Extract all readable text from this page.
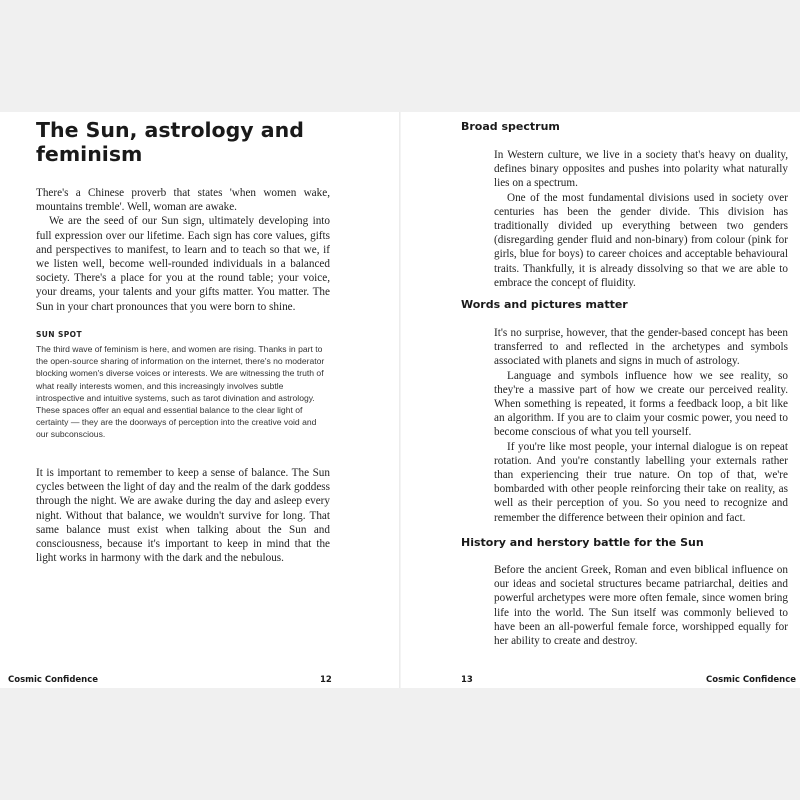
The Sun, astrology and feminism

There's a Chinese proverb that states 'when women wake, mountains tremble'. Well, woman are awake.

We are the seed of our Sun sign, ultimately developing into full expression over our lifetime. Each sign has core values, gifts and perspectives to manifest, to learn and to teach so that we, if we listen well, become well-rounded individuals in a balanced society. There's a place for you at the round table; your voice, your dreams, your talents and your gifts matter. You matter. The Sun in your chart pronounces that you were born to shine.

SUN SPOT

The third wave of feminism is here, and women are rising. Thanks in part to the open-source sharing of information on the internet, there's no moderator blocking women's diverse voices or interests. We are witnessing the truth of what really interests women, and this increasingly involves subtle introspective and intuitive systems, such as tarot divination and astrology. These spaces offer an equal and essential balance to the clear light of certainty — they are the doorways of perception into the creative void and our subconscious.

It is important to remember to keep a sense of balance. The Sun cycles between the light of day and the realm of the dark goddess through the night. We are awake during the day and asleep every night. Without that balance, we wouldn't survive for long. That same balance must exist when talking about the Sun and consciousness, because it's important to keep in mind that the light works in harmony with the dark and the nebulous.

Cosmic Confidence	12
Broad spectrum

In Western culture, we live in a society that's heavy on duality, defines binary opposites and pushes into polarity what naturally lies on a spectrum.

One of the most fundamental divisions used in society over centuries has been the gender divide. This division has traditionally divided up everything between two genders (disregarding gender fluid and non-binary) from colour (pink for girls, blue for boys) to career choices and acceptable behavioural traits. Thankfully, it is already dissolving so that we are able to embrace the concept of fluidity.

Words and pictures matter

It's no surprise, however, that the gender-based concept has been transferred to and reflected in the archetypes and symbols associated with planets and signs in much of astrology.

Language and symbols influence how we see reality, so they're a massive part of how we create our perceived reality. When something is repeated, it forms a feedback loop, a bit like an algorithm. If you are to claim your cosmic power, you need to become conscious of what you tell yourself.

If you're like most people, your internal dialogue is on repeat rotation. And you're constantly labelling your externals rather than experiencing their true nature. On top of that, we're bombarded with other people reinforcing their take on reality, as well as their perception of you. So you need to recognize and remember the difference between their opinion and fact.

History and herstory battle for the Sun

Before the ancient Greek, Roman and even biblical influence on our ideas and societal structures became patriarchal, deities and powerful archetypes were more often female, since women bring life into the world. The Sun itself was commonly believed to have been an all-powerful female force, worshipped equally for her ability to create and destroy.

13	Cosmic Confidence
